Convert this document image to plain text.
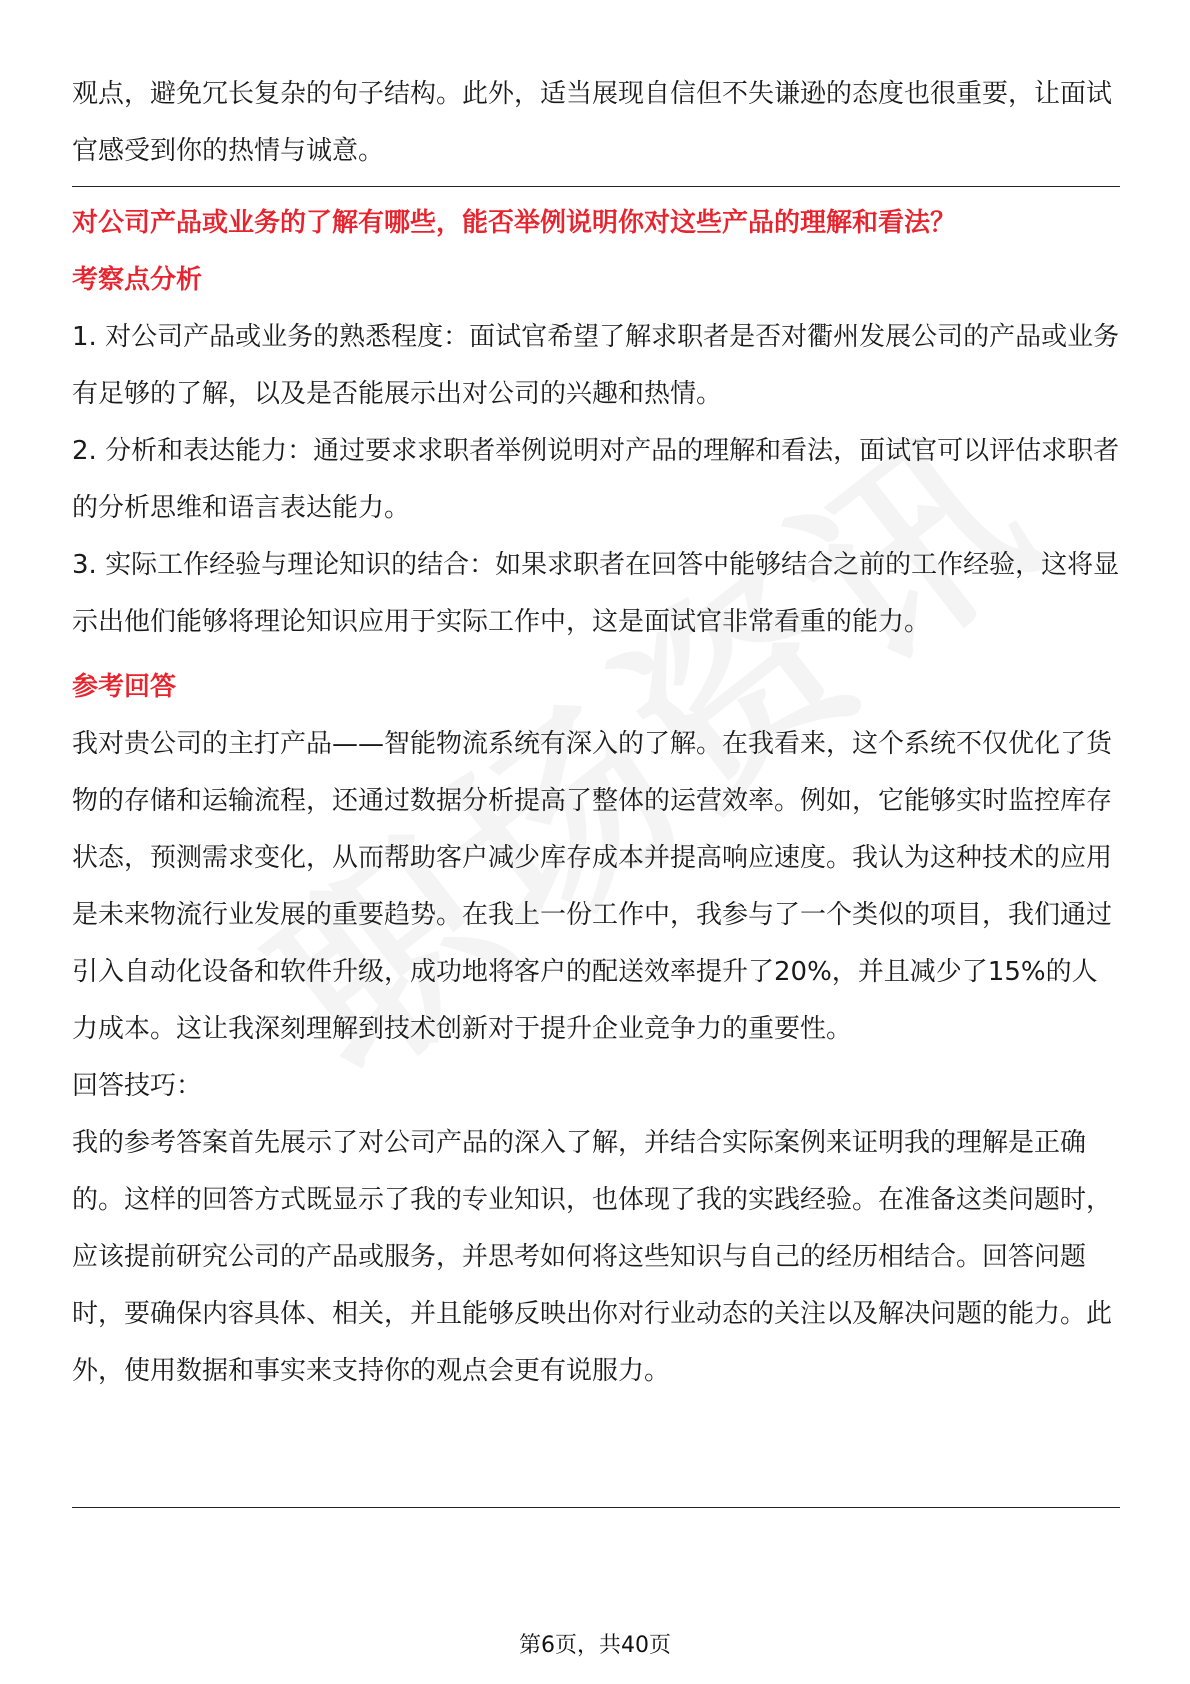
观点，避免冗长复杂的句子结构。此外，适当展现自信但不失谦逊的态度也很重要，让面试官感受到你的热情与诚意。

对公司产品或业务的了解有哪些，能否举例说明你对这些产品的理解和看法？

考察点分析

1. 对公司产品或业务的熟悉程度：面试官希望了解求职者是否对衢州发展公司的产品或业务有足够的了解，以及是否能展示出对公司的兴趣和热情。

2. 分析和表达能力：通过要求求职者举例说明对产品的理解和看法，面试官可以评估求职者的分析思维和语言表达能力。

3. 实际工作经验与理论知识的结合：如果求职者在回答中能够结合之前的工作经验，这将显示出他们能够将理论知识应用于实际工作中，这是面试官非常看重的能力。

参考回答

我对贵公司的主打产品——智能物流系统有深入的了解。在我看来，这个系统不仅优化了货物的存储和运输流程，还通过数据分析提高了整体的运营效率。例如，它能够实时监控库存状态，预测需求变化，从而帮助客户减少库存成本并提高响应速度。我认为这种技术的应用是未来物流行业发展的重要趋势。在我上一份工作中，我参与了一个类似的项目，我们通过引入自动化设备和软件升级，成功地将客户的配送效率提升了20%，并且减少了15%的人力成本。这让我深刻理解到技术创新对于提升企业竞争力的重要性。

回答技巧：

我的参考答案首先展示了对公司产品的深入了解，并结合实际案例来证明我的理解是正确的。这样的回答方式既显示了我的专业知识，也体现了我的实践经验。在准备这类问题时，应该提前研究公司的产品或服务，并思考如何将这些知识与自己的经历相结合。回答问题时，要确保内容具体、相关，并且能够反映出你对行业动态的关注以及解决问题的能力。此外，使用数据和事实来支持你的观点会更有说服力。

第6页，共40页
